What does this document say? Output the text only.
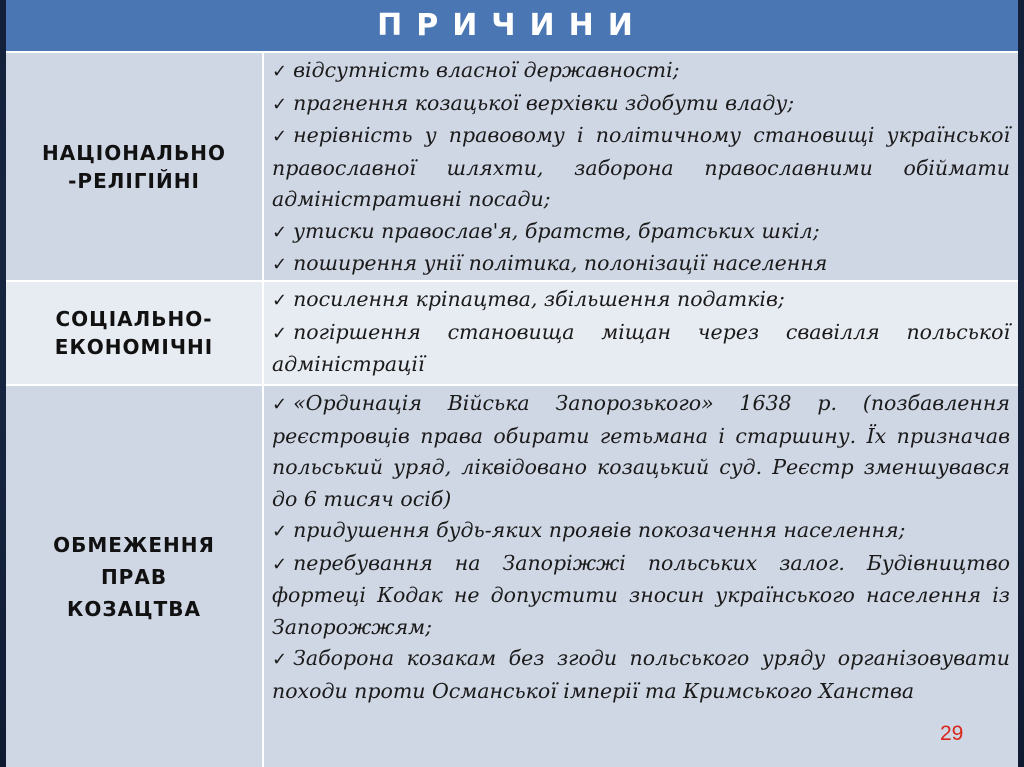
ПРИЧИНИ
НАЦІОНАЛЬНО -РЕЛІГІЙНІ

✓ відсутність власної державності;

✓ прагнення козацької верхівки здобути владу;

✓ нерівність у правовому і політичному становищі української православної шляхти, заборона православними обіймати адміністративні посади;

✓ утиски православ'я, братств, братських шкіл;

✓ поширення унії політика, полонізації населення

СОЦІАЛЬНО-ЕКОНОМІЧНІ

✓ посилення кріпацтва, збільшення податків;

✓ погіршення становища міщан через свавілля польської адміністрації

ОБМЕЖЕННЯ ПРАВ КОЗАЦТВА

✓ «Ординація Війська Запорозького» 1638 р. (позбавлення реєстровців права обирати гетьмана і старшину. Їх призначав польський уряд, ліквідовано козацький суд. Реєстр зменшувався до 6 тисяч осіб)

✓ придушення будь-яких проявів покозачення населення;

✓ перебування на Запоріжжі польських залог. Будівництво фортеці Кодак не допустити зносин українського населення із Запорожжям;

✓ Заборона козакам без згоди польського уряду організовувати походи проти Османської імперії та Кримського Ханства

29
